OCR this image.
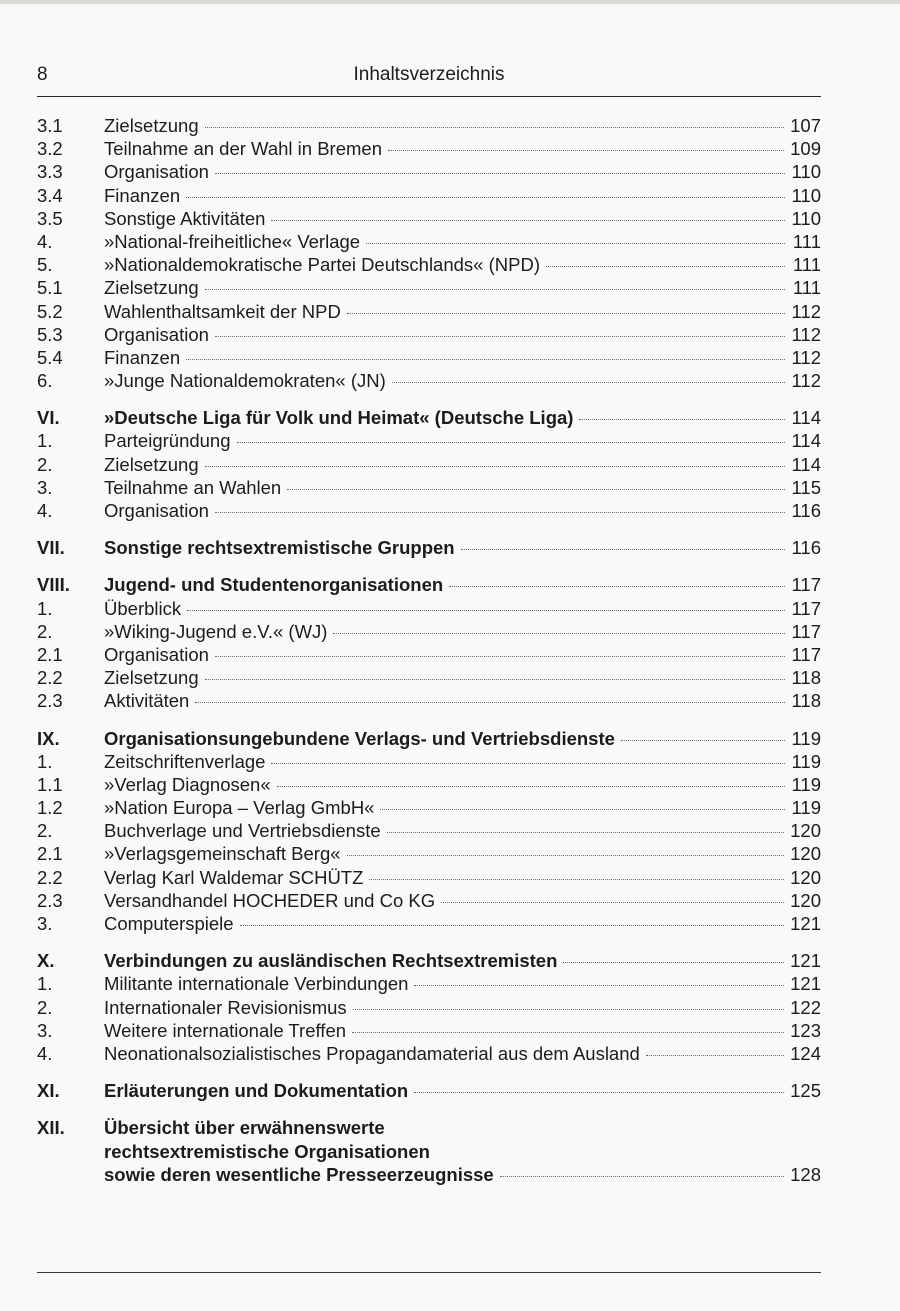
8	Inhaltsverzeichnis
3.1	Zielsetzung	107
3.2	Teilnahme an der Wahl in Bremen	109
3.3	Organisation	110
3.4	Finanzen	110
3.5	Sonstige Aktivitäten	110
4.	»National-freiheitliche« Verlage	111
5.	»Nationaldemokratische Partei Deutschlands« (NPD)	111
5.1	Zielsetzung	111
5.2	Wahlenthaltsamkeit der NPD	112
5.3	Organisation	112
5.4	Finanzen	112
6.	»Junge Nationaldemokraten« (JN)	112
VI.	»Deutsche Liga für Volk und Heimat« (Deutsche Liga)	114
1.	Parteigründung	114
2.	Zielsetzung	114
3.	Teilnahme an Wahlen	115
4.	Organisation	116
VII.	Sonstige rechtsextremistische Gruppen	116
VIII.	Jugend- und Studentenorganisationen	117
1.	Überblick	117
2.	»Wiking-Jugend e.V.« (WJ)	117
2.1	Organisation	117
2.2	Zielsetzung	118
2.3	Aktivitäten	118
IX.	Organisationsungebundene Verlags- und Vertriebsdienste	119
1.	Zeitschriftenverlage	119
1.1	»Verlag Diagnosen«	119
1.2	»Nation Europa – Verlag GmbH«	119
2.	Buchverlage und Vertriebsdienste	120
2.1	»Verlagsgemeinschaft Berg«	120
2.2	Verlag Karl Waldemar SCHÜTZ	120
2.3	Versandhandel HOCHEDER und Co KG	120
3.	Computerspiele	121
X.	Verbindungen zu ausländischen Rechtsextremisten	121
1.	Militante internationale Verbindungen	121
2.	Internationaler Revisionismus	122
3.	Weitere internationale Treffen	123
4.	Neonationalsozialistisches Propagandamaterial aus dem Ausland	124
XI.	Erläuterungen und Dokumentation	125
XII.	Übersicht über erwähnenswerte
rechtsextremistische Organisationen
sowie deren wesentliche Presseerzeugnisse	128
